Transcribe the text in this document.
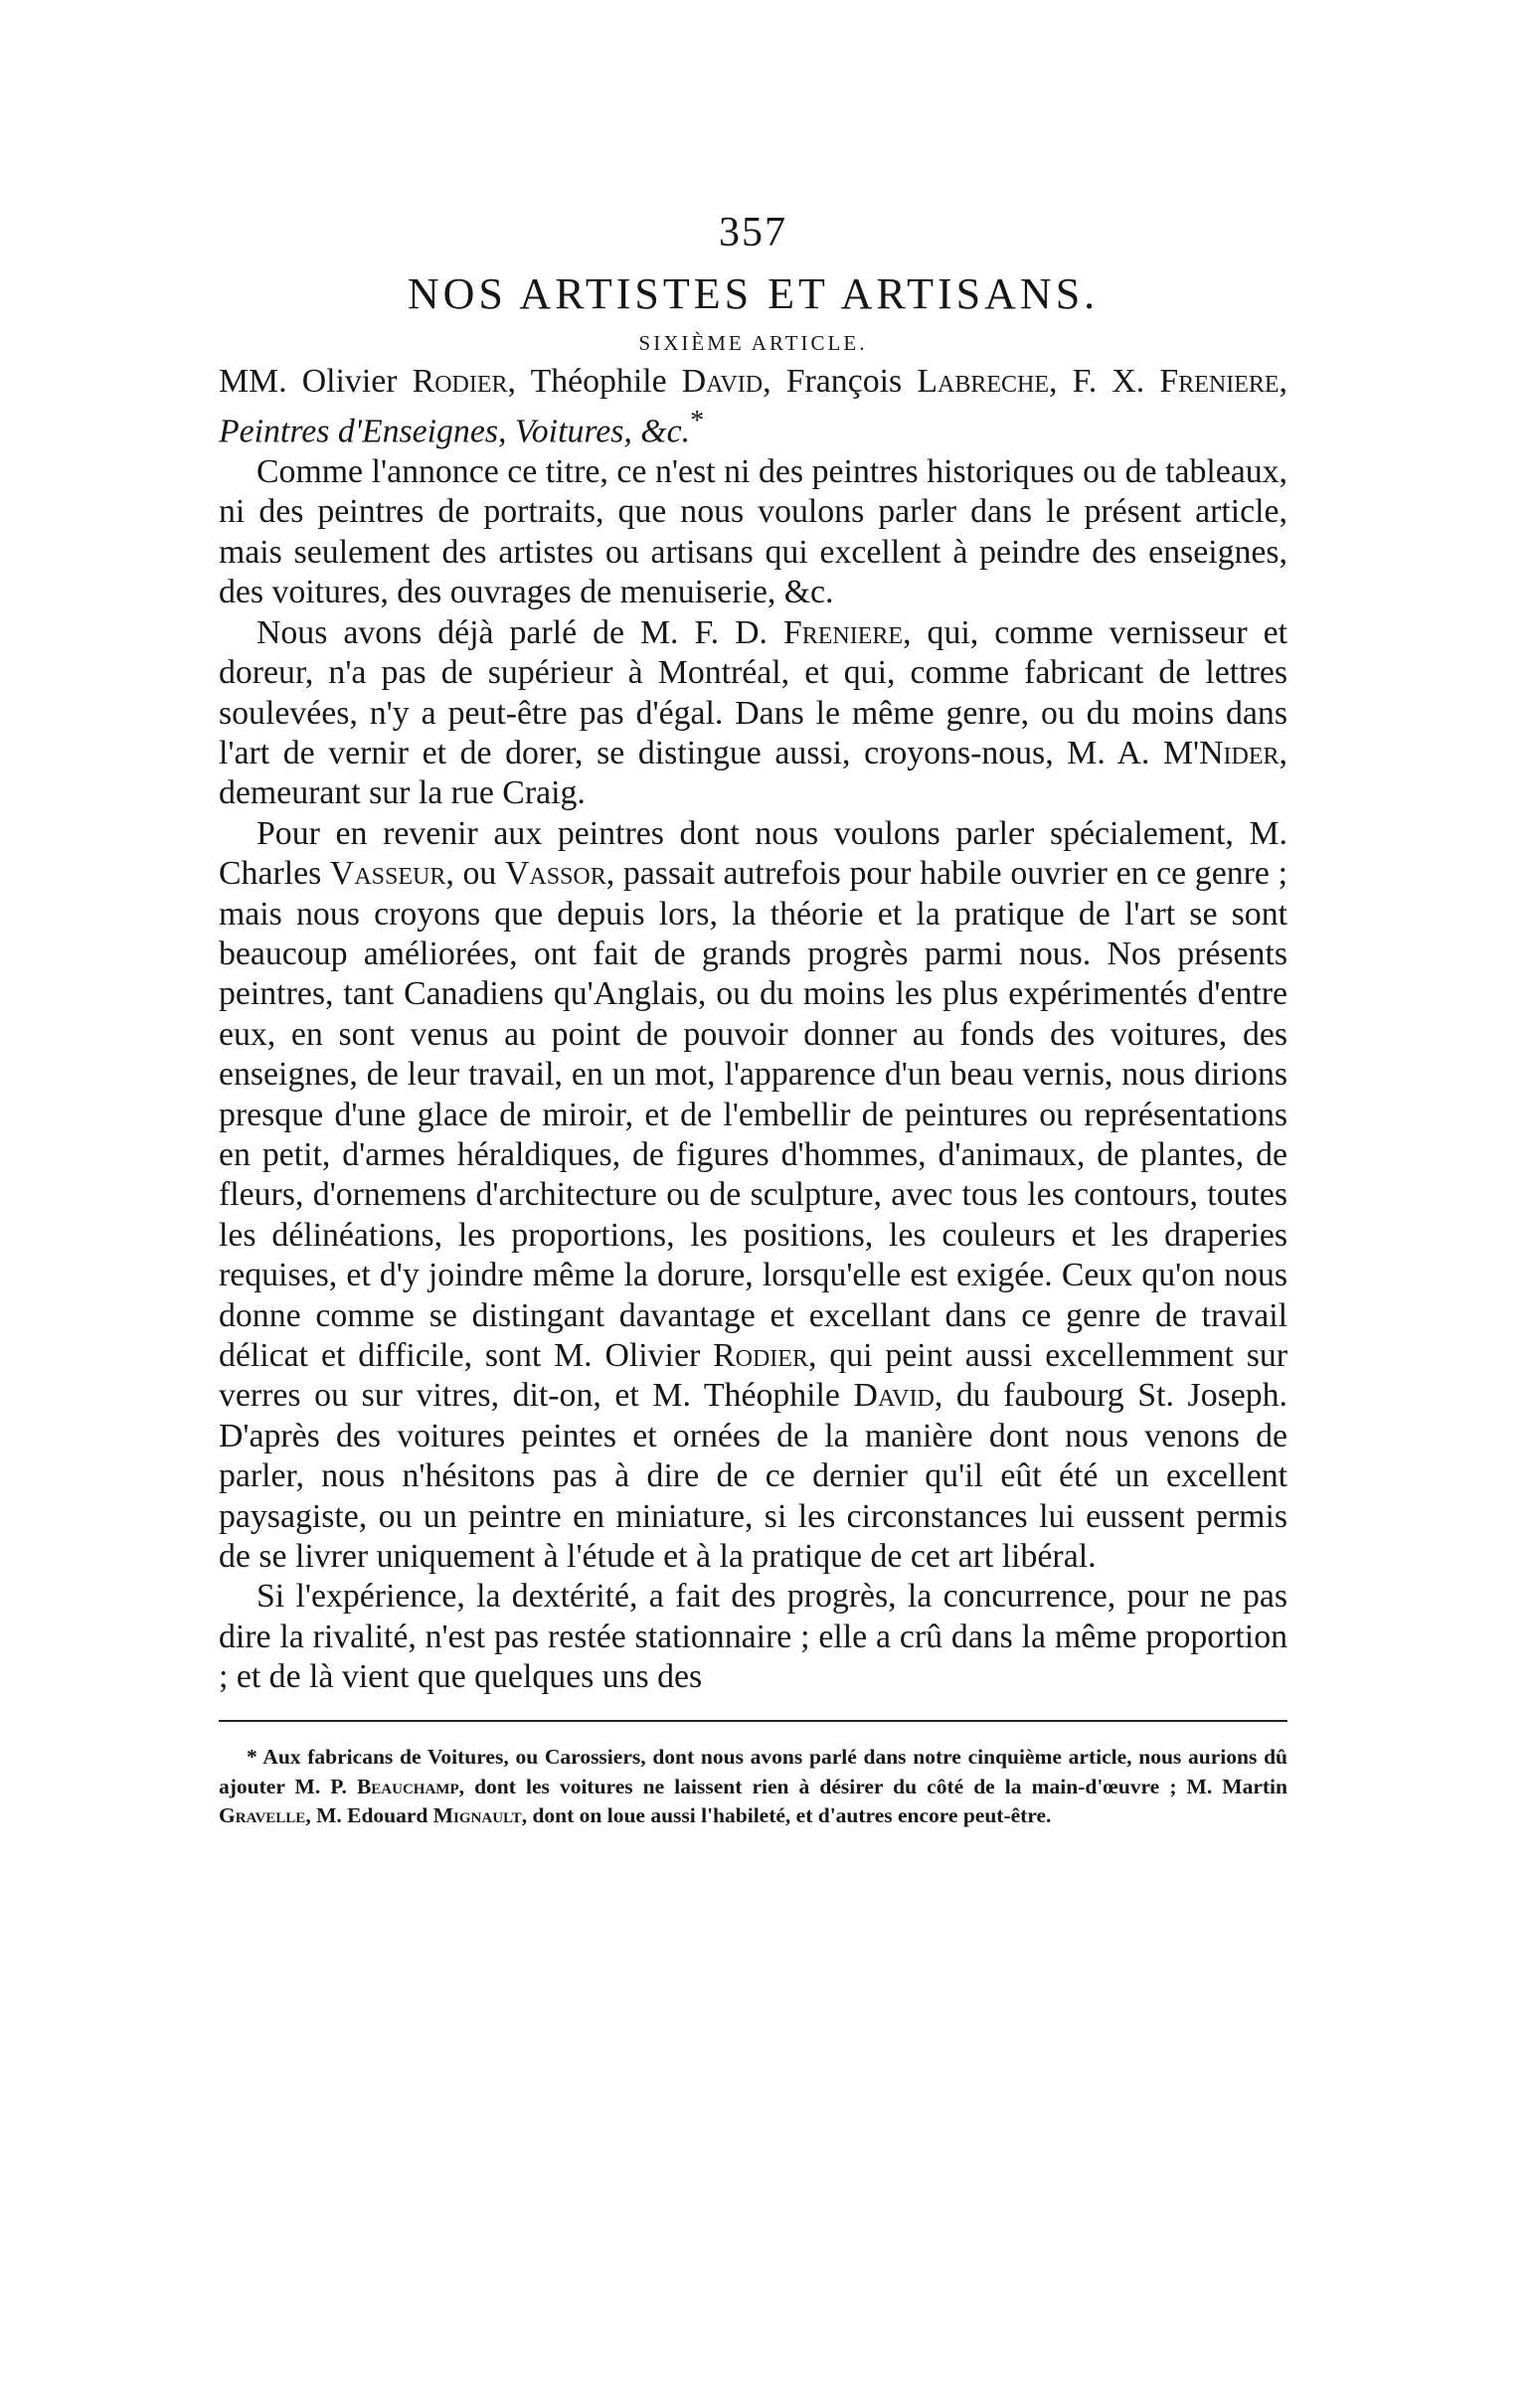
357
NOS ARTISTES ET ARTISANS.
SIXIÈME ARTICLE.

MM. Olivier Rodier, Théophile David, François Labreche, F. X. Freniere, Peintres d'Enseignes, Voitures, &c.*

Comme l'annonce ce titre, ce n'est ni des peintres historiques ou de tableaux, ni des peintres de portraits, que nous voulons parler dans le présent article, mais seulement des artistes ou artisans qui excellent à peindre des enseignes, des voitures, des ouvrages de menuiserie, &c.

Nous avons déjà parlé de M. F. D. Freniere, qui, comme vernisseur et doreur, n'a pas de supérieur à Montréal, et qui, comme fabricant de lettres soulevées, n'y a peut-être pas d'égal. Dans le même genre, ou du moins dans l'art de vernir et de dorer, se distingue aussi, croyons-nous, M. A. M'Nider, demeurant sur la rue Craig.

Pour en revenir aux peintres dont nous voulons parler spécialement, M. Charles Vasseur, ou Vassor, passait autrefois pour habile ouvrier en ce genre ; mais nous croyons que depuis lors, la théorie et la pratique de l'art se sont beaucoup améliorées, ont fait de grands progrès parmi nous. Nos présents peintres, tant Canadiens qu'Anglais, ou du moins les plus expérimentés d'entre eux, en sont venus au point de pouvoir donner au fonds des voitures, des enseignes, de leur travail, en un mot, l'apparence d'un beau vernis, nous dirions presque d'une glace de miroir, et de l'embellir de peintures ou représentations en petit, d'armes héraldiques, de figures d'hommes, d'animaux, de plantes, de fleurs, d'ornemens d'architecture ou de sculpture, avec tous les contours, toutes les délinéations, les proportions, les positions, les couleurs et les draperies requises, et d'y joindre même la dorure, lorsqu'elle est exigée. Ceux qu'on nous donne comme se distingant davantage et excellant dans ce genre de travail délicat et difficile, sont M. Olivier Rodier, qui peint aussi excellemment sur verres ou sur vitres, dit-on, et M. Théophile David, du faubourg St. Joseph. D'après des voitures peintes et ornées de la manière dont nous venons de parler, nous n'hésitons pas à dire de ce dernier qu'il eût été un excellent paysagiste, ou un peintre en miniature, si les circonstances lui eussent permis de se livrer uniquement à l'étude et à la pratique de cet art libéral.

Si l'expérience, la dextérité, a fait des progrès, la concurrence, pour ne pas dire la rivalité, n'est pas restée stationnaire ; elle a crû dans la même proportion ; et de là vient que quelques uns des

* Aux fabricans de Voitures, ou Carossiers, dont nous avons parlé dans notre cinquième article, nous aurions dû ajouter M. P. Beauchamp, dont les voitures ne laissent rien à désirer du côté de la main-d'œuvre ; M. Martin Gravelle, M. Edouard Mignault, dont on loue aussi l'habileté, et d'autres encore peut-être.
